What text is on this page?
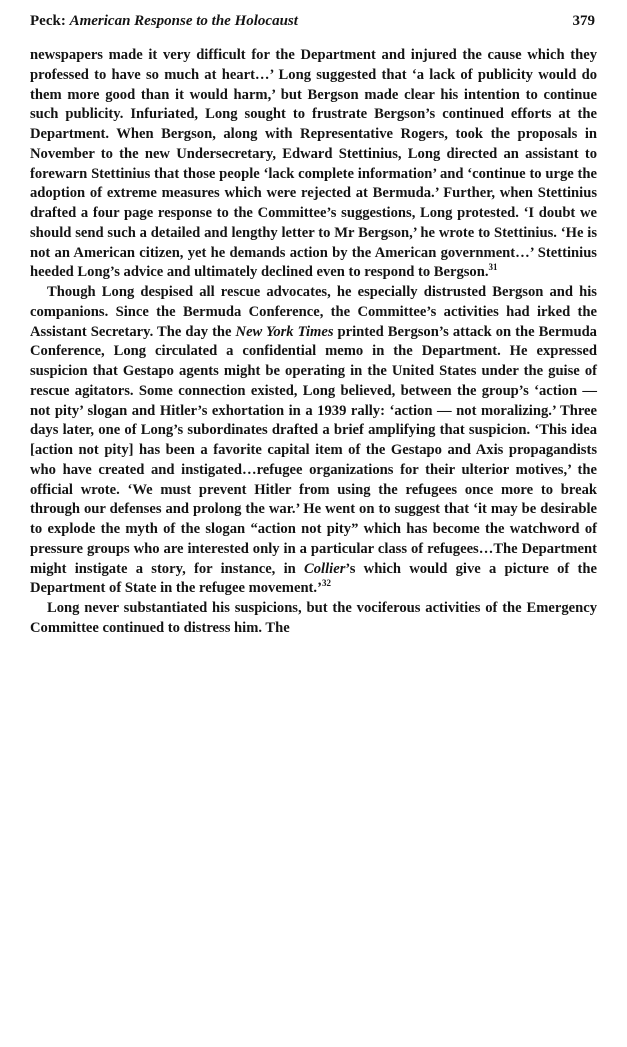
Peck: American Response to the Holocaust	379

newspapers made it very difficult for the Department and injured the cause which they professed to have so much at heart…’ Long suggested that ‘a lack of publicity would do them more good than it would harm,’ but Bergson made clear his intention to continue such publicity. Infuriated, Long sought to frustrate Bergson’s continued efforts at the Department. When Bergson, along with Representative Rogers, took the proposals in November to the new Undersecretary, Edward Stettinius, Long directed an assistant to forewarn Stettinius that those people ‘lack complete information’ and ‘continue to urge the adoption of extreme measures which were rejected at Bermuda.’ Further, when Stettinius drafted a four page response to the Committee’s suggestions, Long protested. ‘I doubt we should send such a detailed and lengthy letter to Mr Bergson,’ he wrote to Stettinius. ‘He is not an American citizen, yet he demands action by the American government…’ Stettinius heeded Long’s advice and ultimately declined even to respond to Bergson.$^{31}$

Though Long despised all rescue advocates, he especially distrusted Bergson and his companions. Since the Bermuda Conference, the Committee’s activities had irked the Assistant Secretary. The day the New York Times printed Bergson’s attack on the Bermuda Conference, Long circulated a confidential memo in the Department. He expressed suspicion that Gestapo agents might be operating in the United States under the guise of rescue agitators. Some connection existed, Long believed, between the group’s ‘action — not pity’ slogan and Hitler’s exhortation in a 1939 rally: ‘action — not moralizing.’ Three days later, one of Long’s subordinates drafted a brief amplifying that suspicion. ‘This idea [action not pity] has been a favorite capital item of the Gestapo and Axis propagandists who have created and instigated…refugee organizations for their ulterior motives,’ the official wrote. ‘We must prevent Hitler from using the refugees once more to break through our defenses and prolong the war.’ He went on to suggest that ‘it may be desirable to explode the myth of the slogan “action not pity” which has become the watchword of pressure groups who are interested only in a particular class of refugees…The Department might instigate a story, for instance, in Collier’s which would give a picture of the Department of State in the refugee movement.’$^{32}$

Long never substantiated his suspicions, but the vociferous activities of the Emergency Committee continued to distress him. The
